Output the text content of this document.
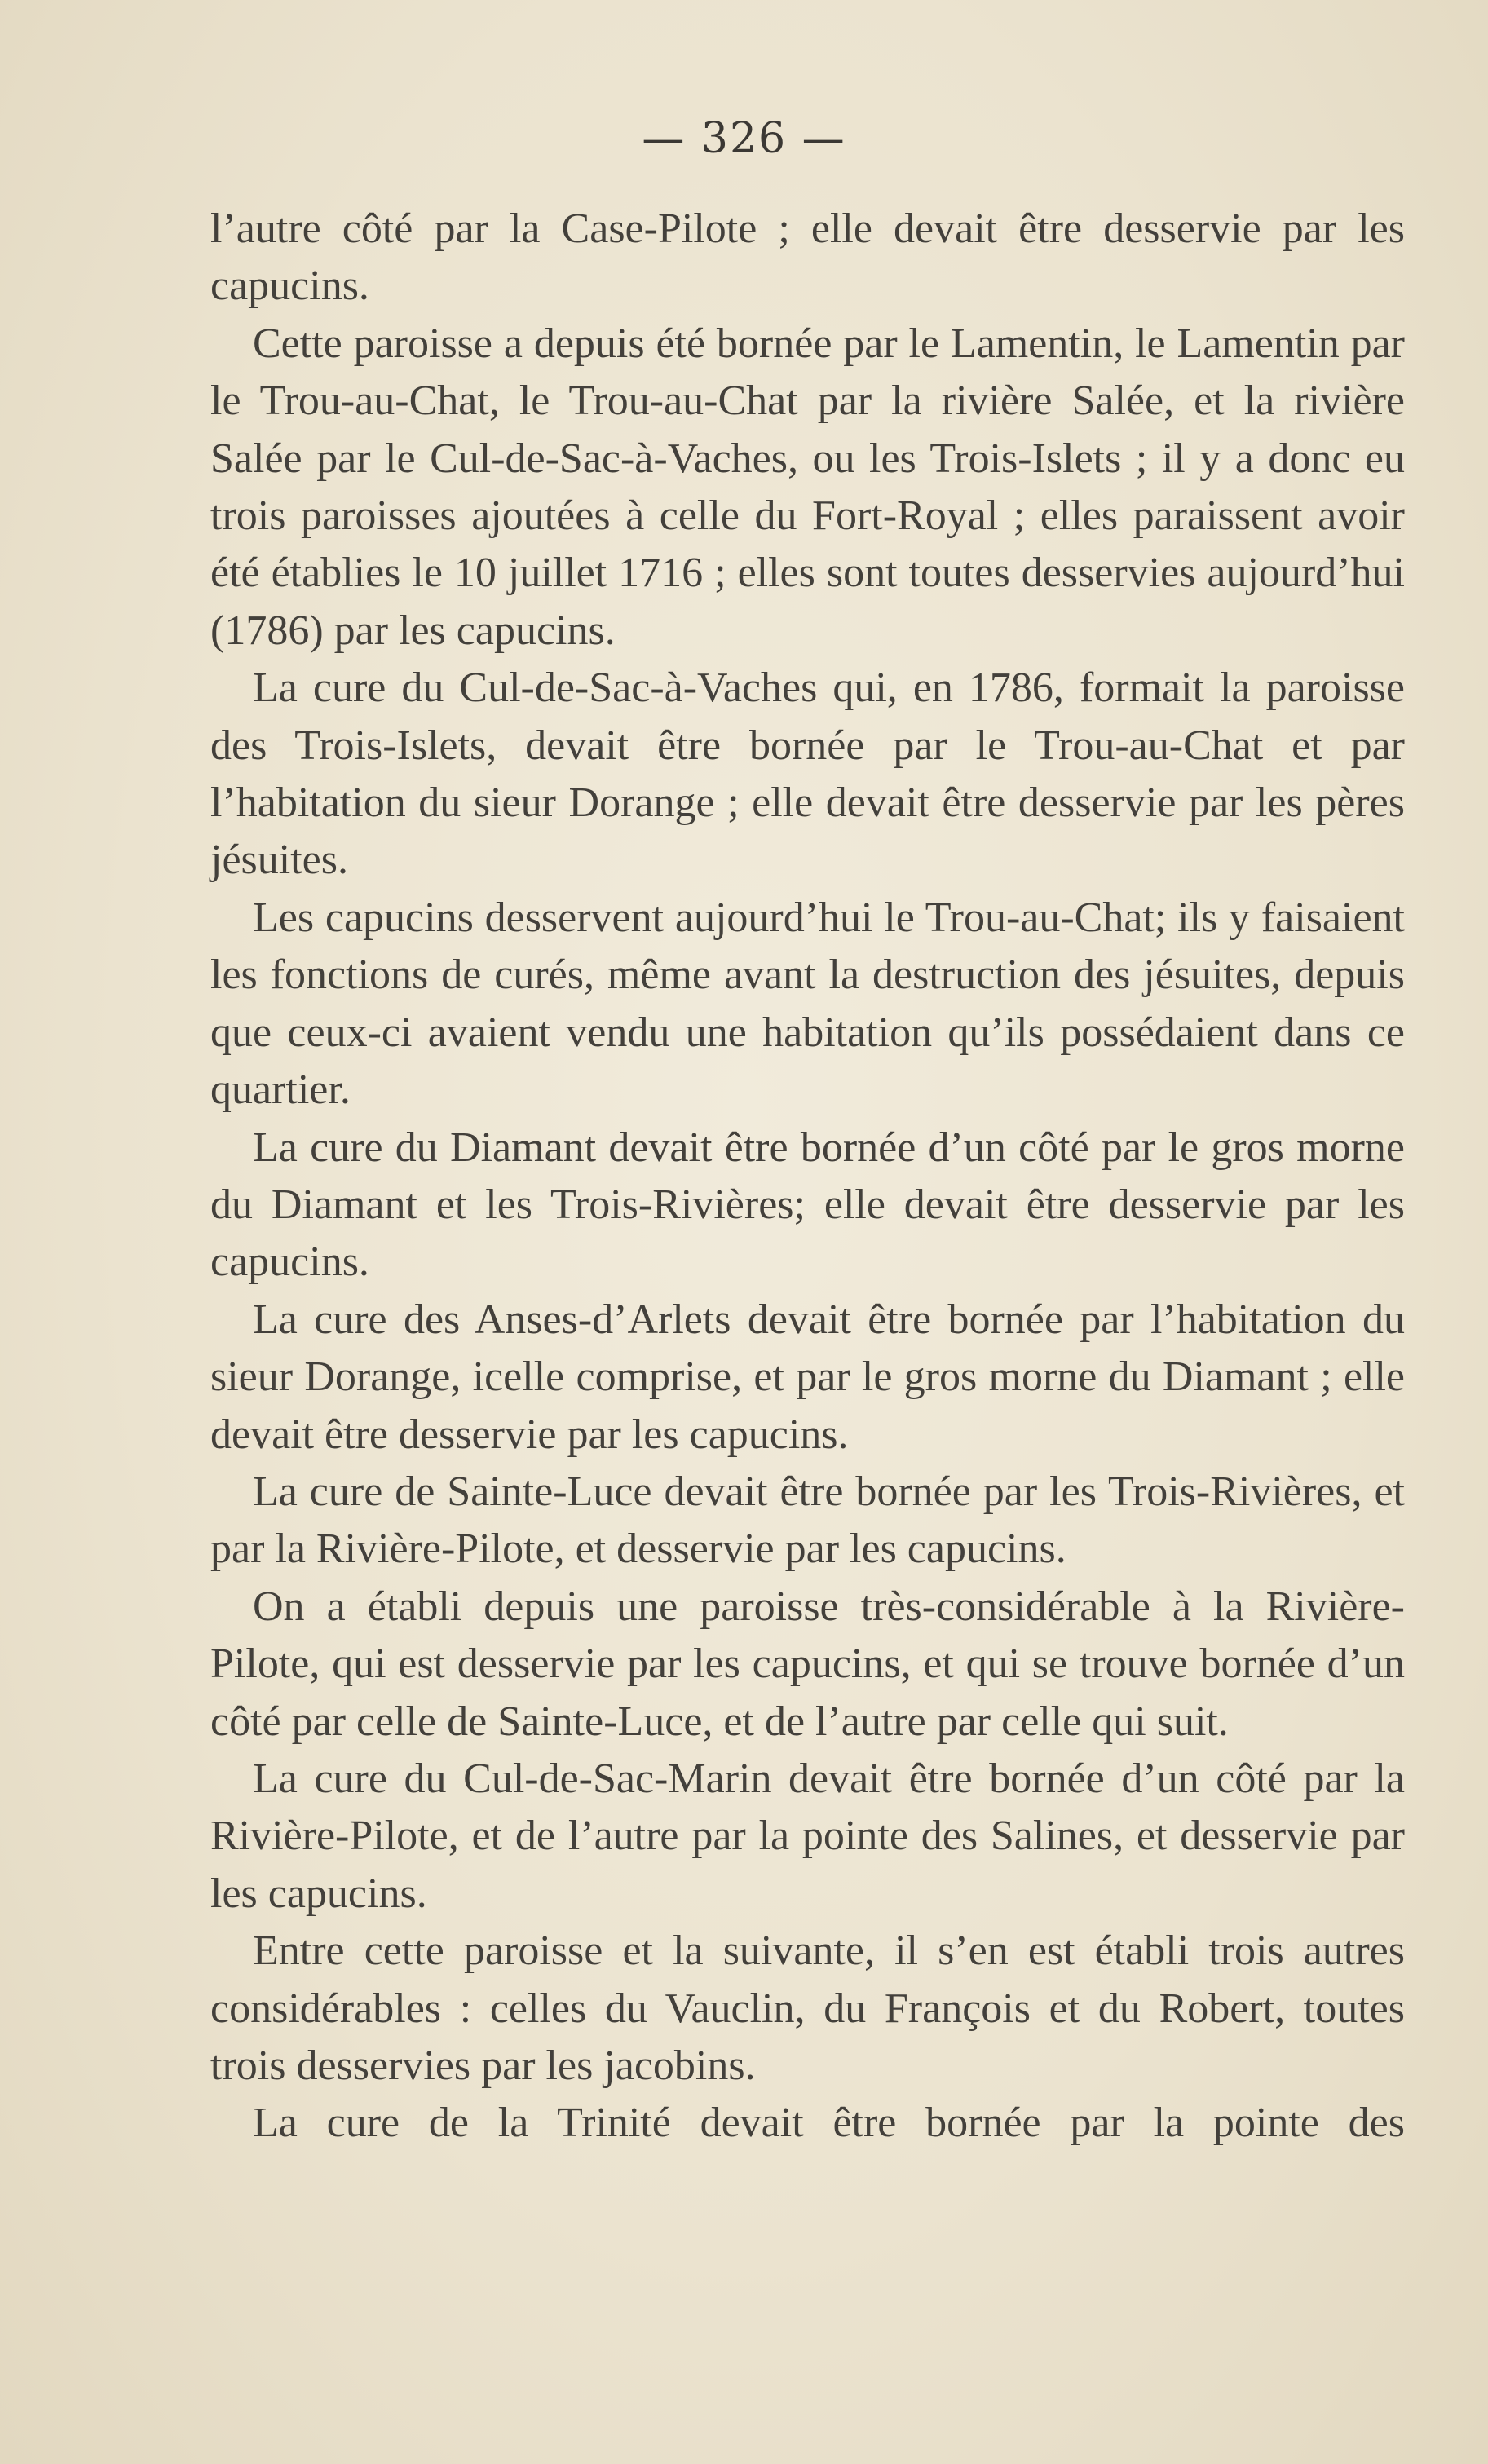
— 326 —

l’autre côté par la Case-Pilote ; elle devait être desservie par les capucins.

Cette paroisse a depuis été bornée par le Lamentin, le Lamentin par le Trou-au-Chat, le Trou-au-Chat par la rivière Salée, et la rivière Salée par le Cul-de-Sac-à-Vaches, ou les Trois-Islets ; il y a donc eu trois paroisses ajoutées à celle du Fort-Royal ; elles paraissent avoir été établies le 10 juillet 1716 ; elles sont toutes desservies aujourd’hui (1786) par les capucins.

La cure du Cul-de-Sac-à-Vaches qui, en 1786, formait la paroisse des Trois-Islets, devait être bornée par le Trou-au-Chat et par l’habitation du sieur Dorange ; elle devait être desservie par les pères jésuites.

Les capucins desservent aujourd’hui le Trou-au-Chat; ils y faisaient les fonctions de curés, même avant la destruction des jésuites, depuis que ceux-ci avaient vendu une habitation qu’ils possédaient dans ce quartier.

La cure du Diamant devait être bornée d’un côté par le gros morne du Diamant et les Trois-Rivières; elle devait être desservie par les capucins.

La cure des Anses-d’Arlets devait être bornée par l’habitation du sieur Dorange, icelle comprise, et par le gros morne du Diamant ; elle devait être desservie par les capucins.

La cure de Sainte-Luce devait être bornée par les Trois-Rivières, et par la Rivière-Pilote, et desservie par les capucins.

On a établi depuis une paroisse très-considérable à la Rivière-Pilote, qui est desservie par les capucins, et qui se trouve bornée d’un côté par celle de Sainte-Luce, et de l’autre par celle qui suit.

La cure du Cul-de-Sac-Marin devait être bornée d’un côté par la Rivière-Pilote, et de l’autre par la pointe des Salines, et desservie par les capucins.

Entre cette paroisse et la suivante, il s’en est établi trois autres considérables : celles du Vauclin, du François et du Robert, toutes trois desservies par les jacobins.

La cure de la Trinité devait être bornée par la pointe des
